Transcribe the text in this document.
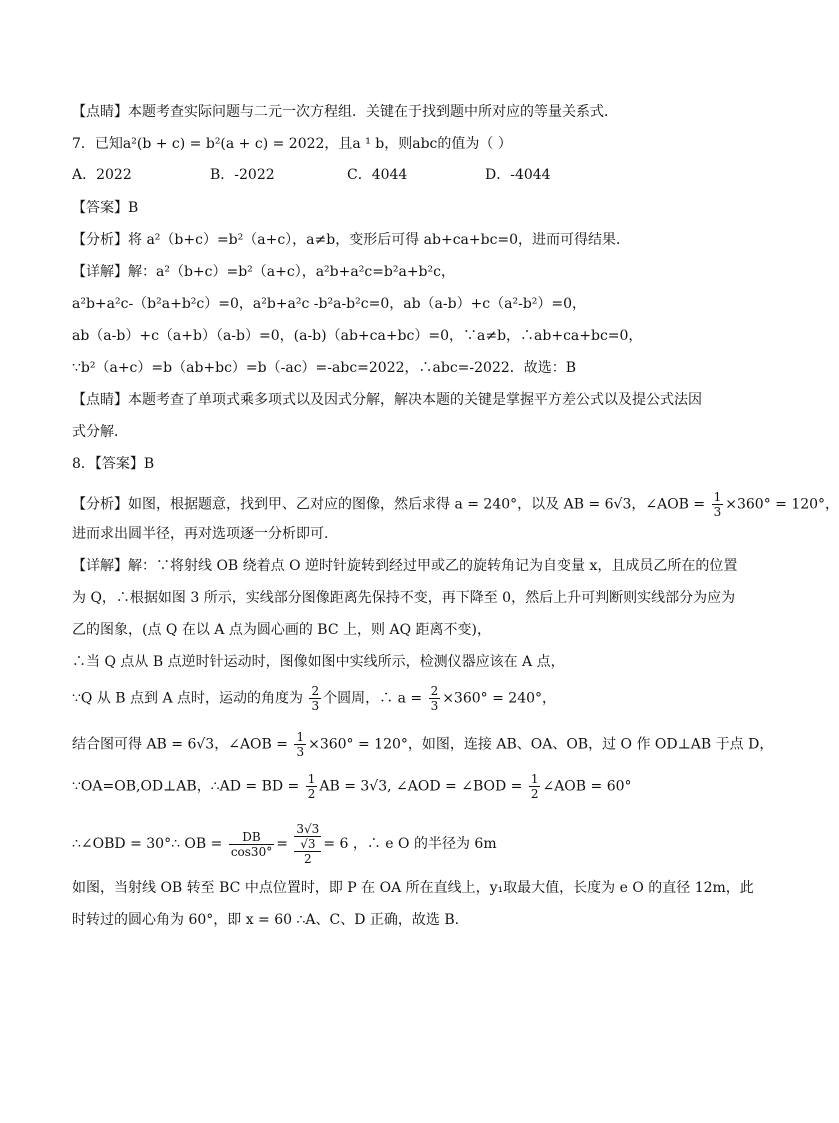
【点睛】本题考查实际问题与二元一次方程组．关键在于找到题中所对应的等量关系式．
7．已知a²(b + c) = b²(a + c) = 2022，且a ¹ b，则abc的值为（ ）
A．2022	B．-2022	C．4044	D．-4044
【答案】B
【分析】将 a²（b+c）=b²（a+c），a≠b，变形后可得 ab+ca+bc=0，进而可得结果．
【详解】解：a²（b+c）=b²（a+c），a²b+a²c=b²a+b²c，
a²b+a²c-（b²a+b²c）=0，a²b+a²c -b²a-b²c=0，ab（a-b）+c（a²-b²）=0，
ab（a-b）+c（a+b）（a-b）=0，(a-b)（ab+ca+bc）=0，∵a≠b，∴ab+ca+bc=0，
∵b²（a+c）=b（ab+bc）=b（-ac）=-abc=2022，∴abc=-2022．故选：B
【点睛】本题考查了单项式乘多项式以及因式分解，解决本题的关键是掌握平方差公式以及提公式法因
式分解．
8．【答案】B
【分析】如图，根据题意，找到甲、乙对应的图像，然后求得 a = 240°，以及 AB = 6√3，∠AOB = $\frac{1}{3} \times 360^\circ = 120^\circ$，
进而求出圆半径，再对选项逐一分析即可.
【详解】解：∵将射线 OB 绕着点 O 逆时针旋转到经过甲或乙的旋转角记为自变量 x，且成员乙所在的位置
为 Q，∴根据如图 3 所示，实线部分图像距离先保持不变，再下降至 0，然后上升可判断则实线部分为应为
乙的图象，(点 Q 在以 A 点为圆心画的 BC 上，则 AQ 距离不变)，
∴当 Q 点从 B 点逆时针运动时，图像如图中实线所示，检测仪器应该在 A 点，
∵Q 从 B 点到 A 点时，运动的角度为 $\frac{2}{3}$ 个圆周，∴ $a = \frac{2}{3} \times 360^\circ = 240^\circ$，
结合图可得 AB = 6√3，∠AOB = $\frac{1}{3} \times 360^\circ = 120^\circ$，如图，连接 AB、OA、OB，过 O 作 OD⊥AB 于点 D，
∵OA=OB,OD⊥AB，∴AD = BD = $\frac{1}{2}$ AB = 3√3, ∠AOD = ∠BOD = $\frac{1}{2}$ ∠AOB = 60°
∴∠OBD = 30°∴ OB = $\frac{DB}{\cos 30^\circ}$ =
3√3
√3
2
= 6 ，∴ e O 的半径为 6m
如图，当射线 OB 转至 BC 中点位置时，即 P 在 OA 所在直线上，y₁取最大值，长度为 e O 的直径 12m，此
时转过的圆心角为 60°，即 x = 60 ∴A、C、D 正确，故选 B.
